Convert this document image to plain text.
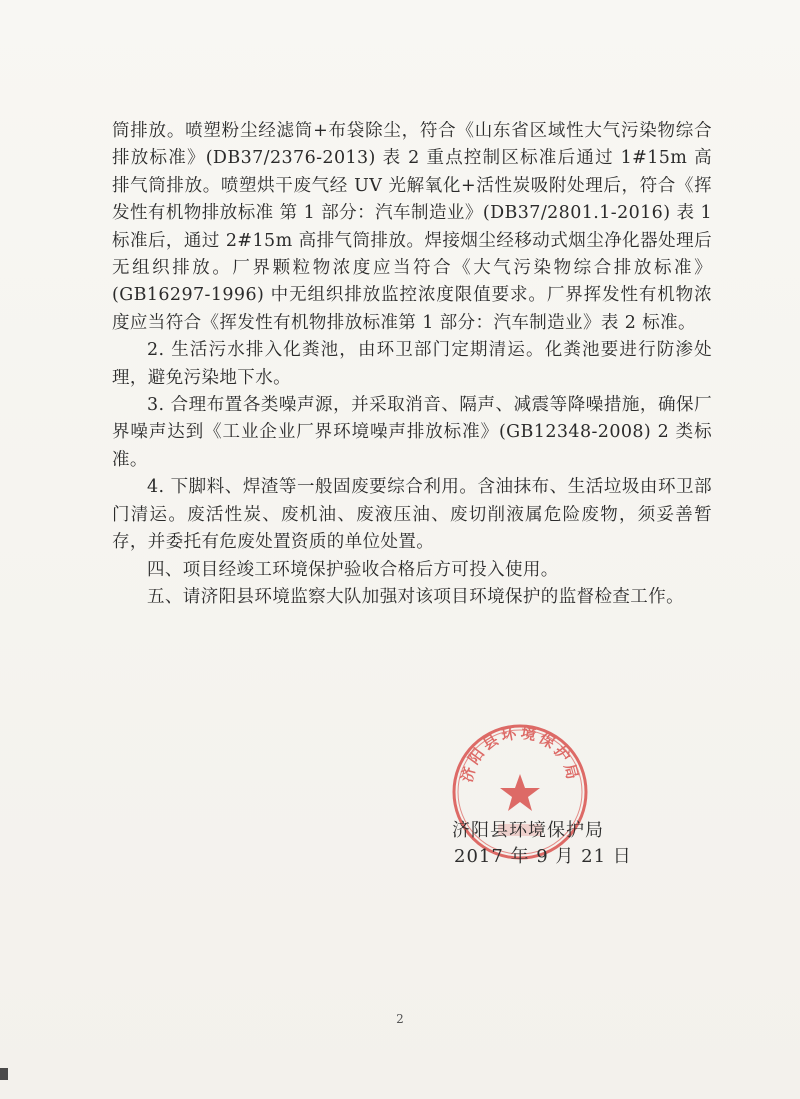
筒排放。喷塑粉尘经滤筒+布袋除尘，符合《山东省区域性大气污染物综合排放标准》(DB37/2376-2013) 表 2 重点控制区标准后通过 1#15m 高排气筒排放。喷塑烘干废气经 UV 光解氧化+活性炭吸附处理后，符合《挥发性有机物排放标准 第 1 部分：汽车制造业》(DB37/2801.1-2016) 表 1 标准后，通过 2#15m 高排气筒排放。焊接烟尘经移动式烟尘净化器处理后无组织排放。厂界颗粒物浓度应当符合《大气污染物综合排放标准》(GB16297-1996) 中无组织排放监控浓度限值要求。厂界挥发性有机物浓度应当符合《挥发性有机物排放标准第 1 部分：汽车制造业》表 2 标准。

2. 生活污水排入化粪池，由环卫部门定期清运。化粪池要进行防渗处理，避免污染地下水。

3. 合理布置各类噪声源，并采取消音、隔声、减震等降噪措施，确保厂界噪声达到《工业企业厂界环境噪声排放标准》(GB12348-2008) 2 类标准。

4. 下脚料、焊渣等一般固废要综合利用。含油抹布、生活垃圾由环卫部门清运。废活性炭、废机油、废液压油、废切削液属危险废物，须妥善暂存，并委托有危废处置资质的单位处置。

四、项目经竣工环境保护验收合格后方可投入使用。

五、请济阳县环境监察大队加强对该项目环境保护的监督检查工作。

济阳县环境保护局
济阳县环境保护局
2017 年 9 月 21 日
2
